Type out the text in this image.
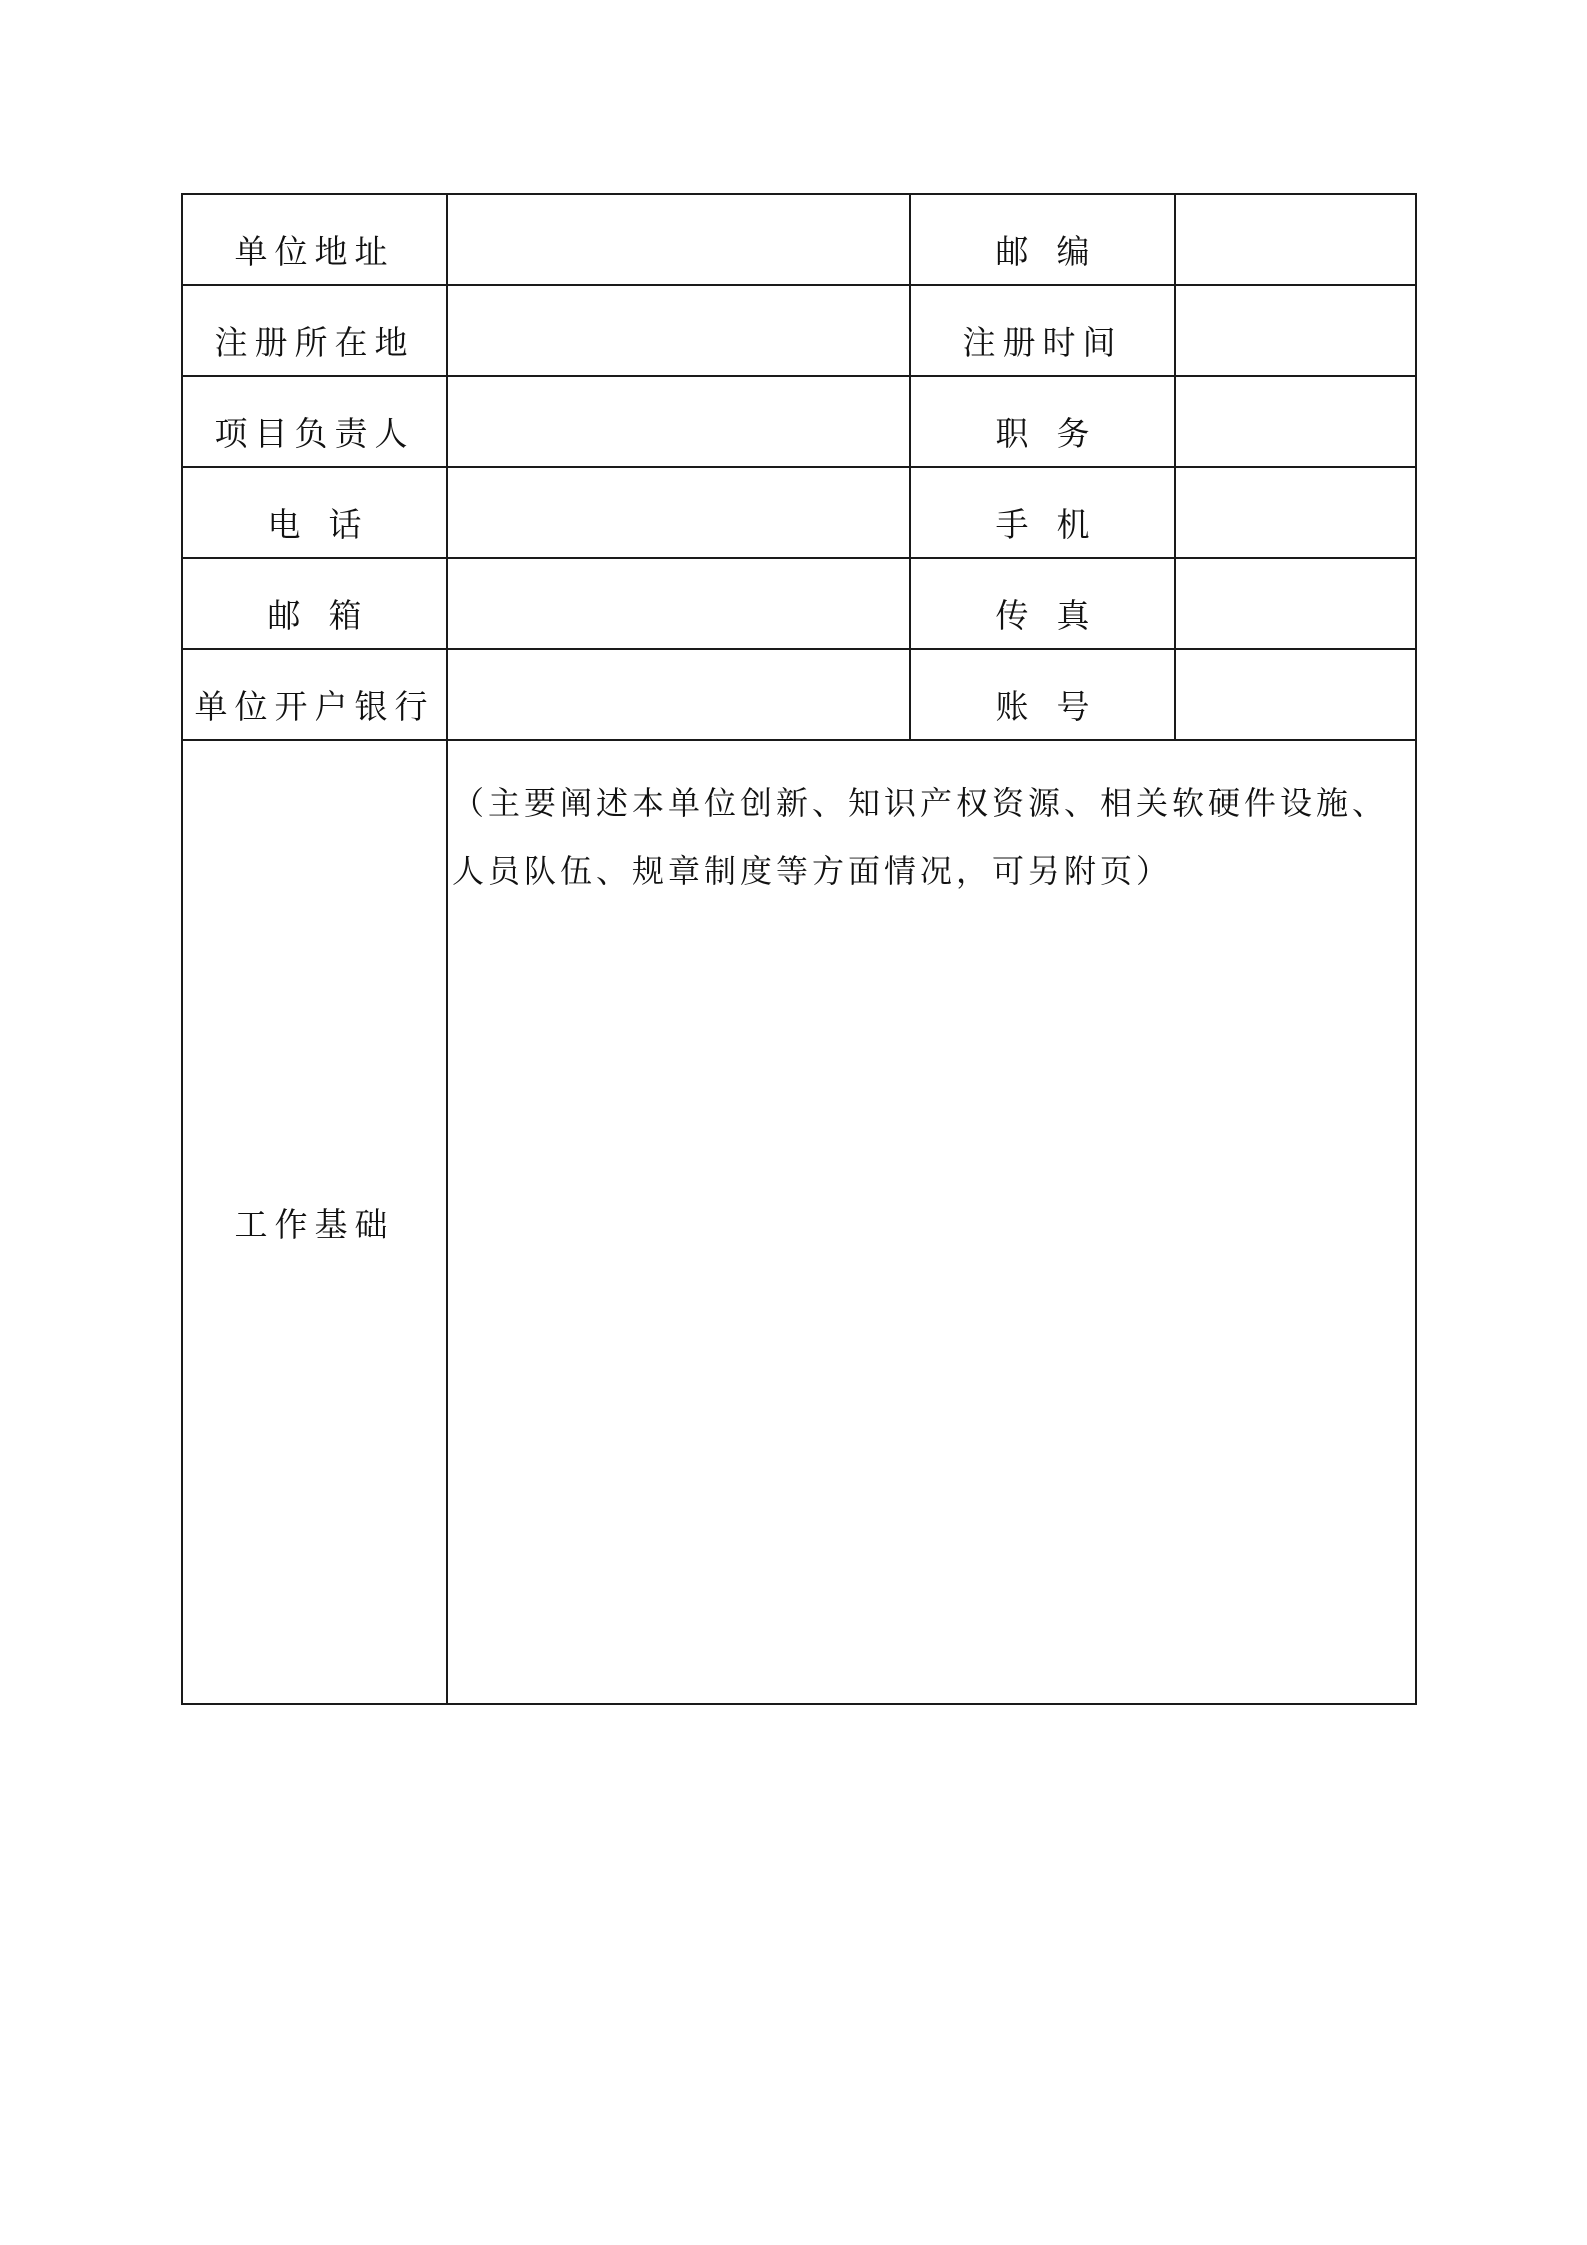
单位地址		邮编	
注册所在地		注册时间	
项目负责人		职务	
电话		手机	
邮箱		传真	
单位开户银行		账号	
工作基础	（主要阐述本单位创新、知识产权资源、相关软硬件设施、
人员队伍、规章制度等方面情况，可另附页）		
